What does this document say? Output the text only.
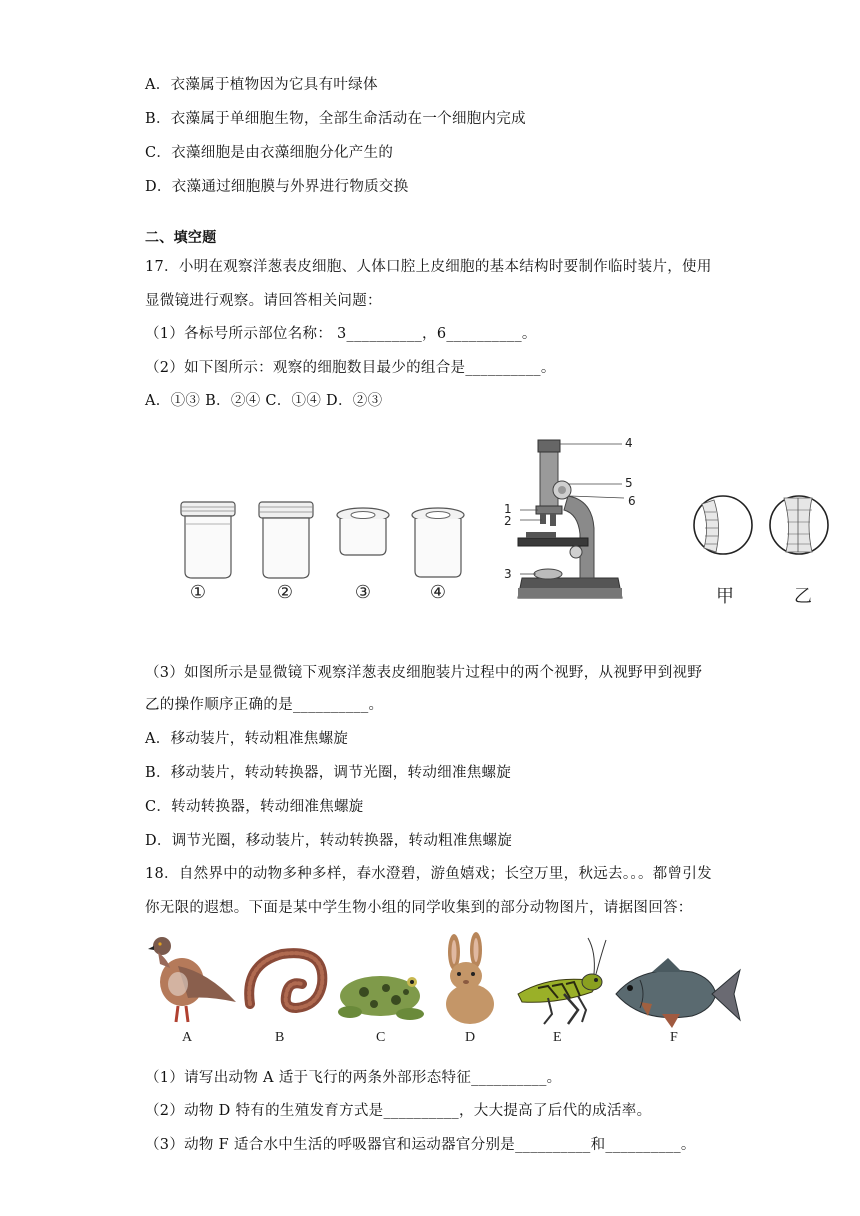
A．衣藻属于植物因为它具有叶绿体
B．衣藻属于单细胞生物，全部生命活动在一个细胞内完成
C．衣藻细胞是由衣藻细胞分化产生的
D．衣藻通过细胞膜与外界进行物质交换
二、填空题
17．小明在观察洋葱表皮细胞、人体口腔上皮细胞的基本结构时要制作临时装片，使用
显微镜进行观察。请回答相关问题：
（1）各标号所示部位名称： 3__________，6__________。
（2）如下图所示：观察的细胞数目最少的组合是__________。
A．①③ B．②④ C．①④ D．②③
①	②	③	④
1
2
3
4
5
6
甲	乙
（3）如图所示是显微镜下观察洋葱表皮细胞装片过程中的两个视野，从视野甲到视野
乙的操作顺序正确的是__________。
A．移动装片，转动粗准焦螺旋
B．移动装片，转动转换器，调节光圈，转动细准焦螺旋
C．转动转换器，转动细准焦螺旋
D．调节光圈，移动装片，转动转换器，转动粗准焦螺旋
18．自然界中的动物多种多样，春水澄碧，游鱼嬉戏；长空万里，秋远去。。。都曾引发
你无限的遐想。下面是某中学生物小组的同学收集到的部分动物图片，请据图回答：
A	B	C	D	E	F
（1）请写出动物 A 适于飞行的两条外部形态特征__________。
（2）动物 D 特有的生殖发育方式是__________，大大提高了后代的成活率。
（3）动物 F 适合水中生活的呼吸器官和运动器官分别是__________和__________。
